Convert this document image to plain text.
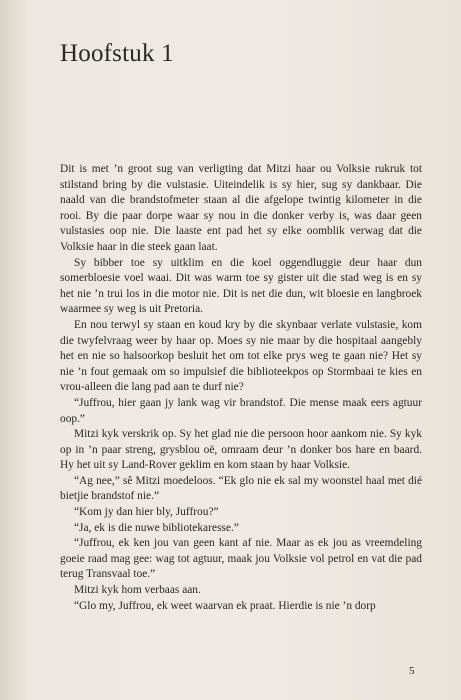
Hoofstuk 1

Dit is met ’n groot sug van verligting dat Mitzi haar ou Volksie rukruk tot stilstand bring by die vulstasie. Uiteindelik is sy hier, sug sy dankbaar. Die naald van die brandstofmeter staan al die afgelope twintig kilometer in die rooi. By die paar dorpe waar sy nou in die donker verby is, was daar geen vulstasies oop nie. Die laaste ent pad het sy elke oomblik verwag dat die Volksie haar in die steek gaan laat.

Sy bibber toe sy uitklim en die koel oggendluggie deur haar dun somerbloesie voel waai. Dit was warm toe sy gister uit die stad weg is en sy het nie ’n trui los in die motor nie. Dit is net die dun, wit bloesie en langbroek waarmee sy weg is uit Pretoria.

En nou terwyl sy staan en koud kry by die skynbaar verlate vulstasie, kom die twyfelvraag weer by haar op. Moes sy nie maar by die hospitaal aangebly het en nie so halsoorkop besluit het om tot elke prys weg te gaan nie? Het sy nie ’n fout gemaak om so impulsief die biblioteekpos op Stormbaai te kies en vrou-alleen die lang pad aan te durf nie?

“Juffrou, hier gaan jy lank wag vir brandstof. Die mense maak eers agtuur oop.”

Mitzi kyk verskrik op. Sy het glad nie die persoon hoor aankom nie. Sy kyk op in ’n paar streng, grysblou oë, omraam deur ’n donker bos hare en baard. Hy het uit sy Land-Rover geklim en kom staan by haar Volksie.

“Ag nee,” sê Mitzi moedeloos. “Ek glo nie ek sal my woonstel haal met dié bietjie brandstof nie.”

“Kom jy dan hier bly, Juffrou?”

“Ja, ek is die nuwe bibliotekaresse.”

“Juffrou, ek ken jou van geen kant af nie. Maar as ek jou as vreemdeling goeie raad mag gee: wag tot agtuur, maak jou Volksie vol petrol en vat die pad terug Transvaal toe.”

Mitzi kyk hom verbaas aan.

“Glo my, Juffrou, ek weet waarvan ek praat. Hierdie is nie ’n dorp

5
